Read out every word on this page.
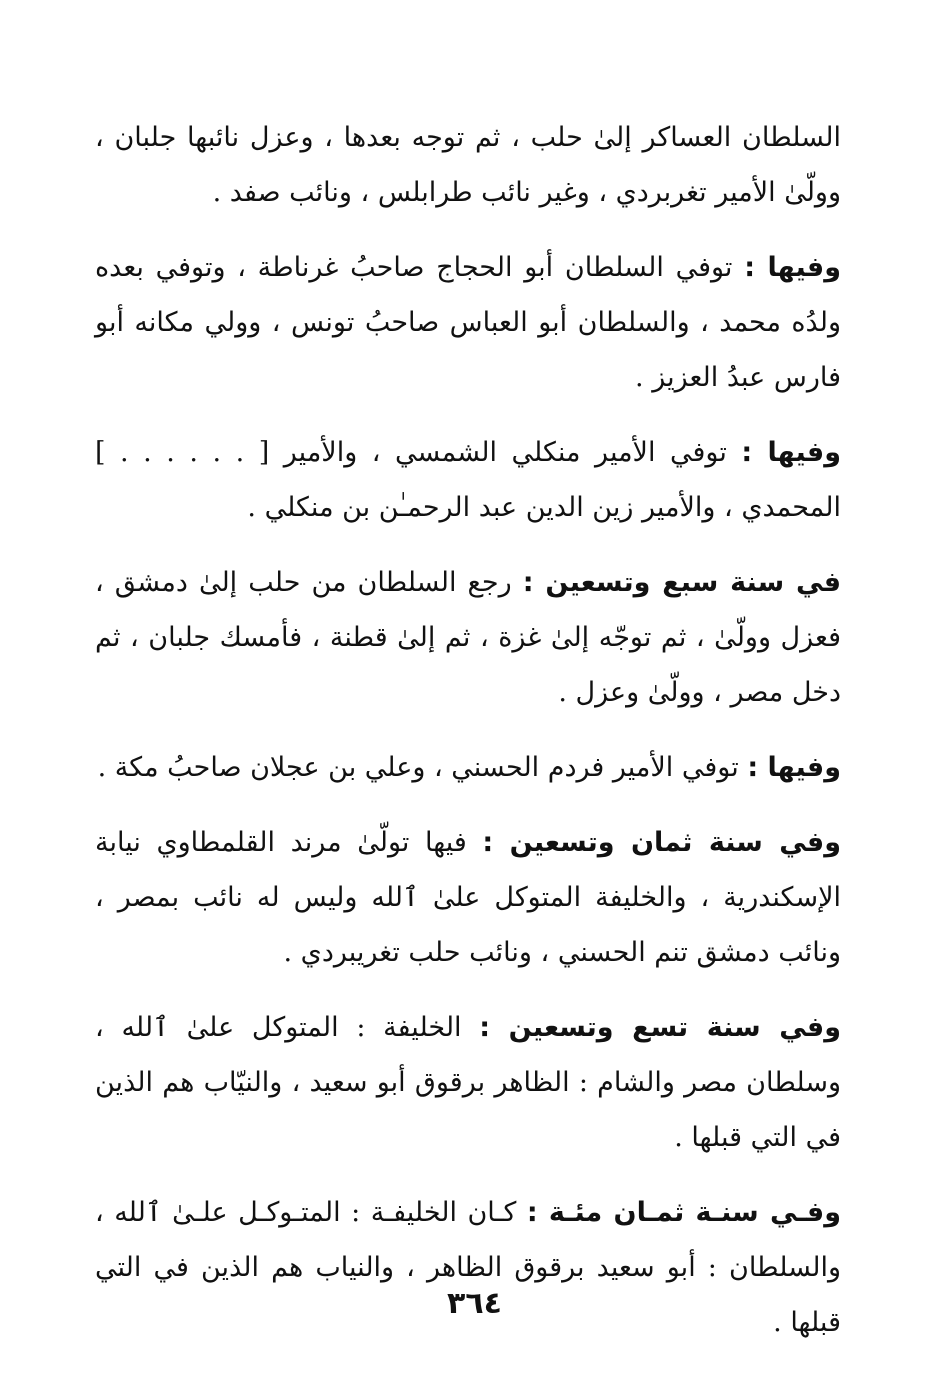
السلطان العساكر إلىٰ حلب ، ثم توجه بعدها ، وعزل نائبها جلبان ، وولّىٰ الأمير تغربردي ، وغير نائب طرابلس ، ونائب صفد .

وفيها : توفي السلطان أبو الحجاج صاحبُ غرناطة ، وتوفي بعده ولدُه محمد ، والسلطان أبو العباس صاحبُ تونس ، وولي مكانه أبو فارس عبدُ العزيز .

وفيها : توفي الأمير منكلي الشمسي ، والأمير [ . . . . . . ] المحمدي ، والأمير زين الدين عبد الرحمـٰن بن منكلي .

في سنة سبع وتسعين : رجع السلطان من حلب إلىٰ دمشق ، فعزل وولّىٰ ، ثم توجّه إلىٰ غزة ، ثم إلىٰ قطنة ، فأمسك جلبان ، ثم دخل مصر ، وولّىٰ وعزل .

وفيها : توفي الأمير فردم الحسني ، وعلي بن عجلان صاحبُ مكة .

وفي سنة ثمان وتسعين : فيها تولّىٰ مرند القلمطاوي نيابة الإسكندرية ، والخليفة المتوكل علىٰ ٱلله وليس له نائب بمصر ، ونائب دمشق تنم الحسني ، ونائب حلب تغريبردي .

وفي سنة تسع وتسعين : الخليفة : المتوكل علىٰ ٱلله ، وسلطان مصر والشام : الظاهر برقوق أبو سعيد ، والنيّاب هم الذين في التي قبلها .

وفـي سنـة ثمـان مئـة : كـان الخليفـة : المتـوكـل علـىٰ ٱلله ، والسلطان : أبو سعيد برقوق الظاهر ، والنياب هم الذين في التي قبلها .

٣٦٤
